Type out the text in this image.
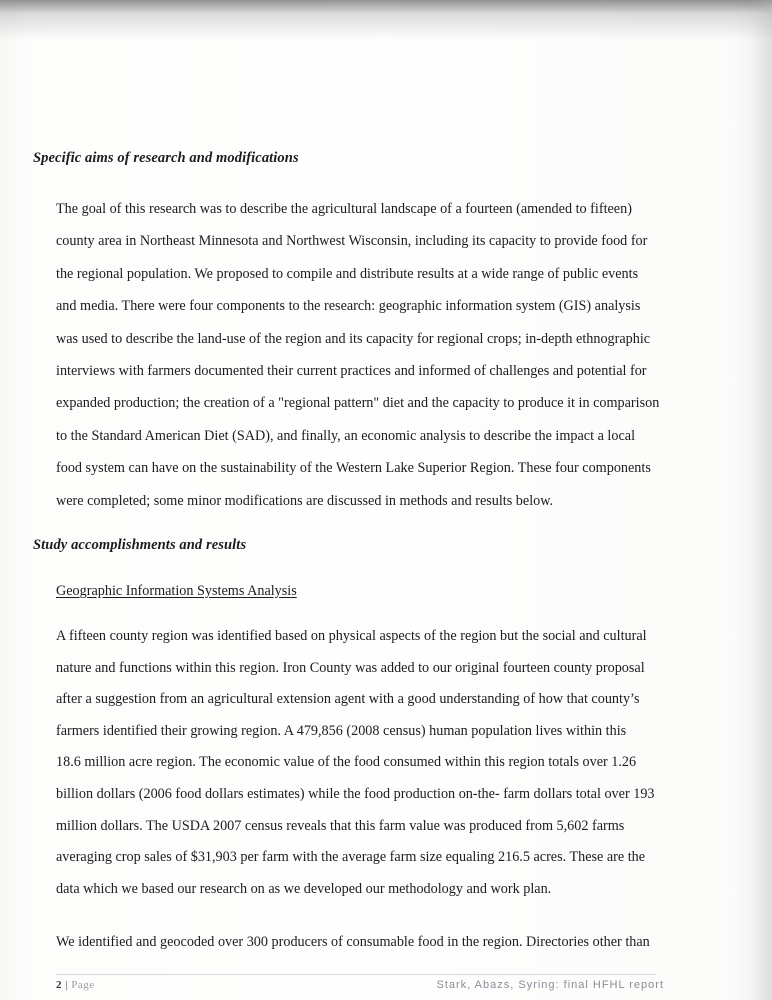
Specific aims of research and modifications
The goal of this research was to describe the agricultural landscape of a fourteen (amended to fifteen)
county area in Northeast Minnesota and Northwest Wisconsin, including its capacity to provide food for
the regional population. We proposed to compile and distribute results at a wide range of public events
and media. There were four components to the research: geographic information system (GIS) analysis
was used to describe the land-use of the region and its capacity for regional crops; in-depth ethnographic
interviews with farmers documented their current practices and informed of challenges and potential for
expanded production; the creation of a "regional pattern" diet and the capacity to produce it in comparison
to the Standard American Diet (SAD), and finally, an economic analysis to describe the impact a local
food system can have on the sustainability of the Western Lake Superior Region. These four components
were completed; some minor modifications are discussed in methods and results below.
Study accomplishments and results
Geographic Information Systems Analysis
A fifteen county region was identified based on physical aspects of the region but the social and cultural
nature and functions within this region. Iron County was added to our original fourteen county proposal
after a suggestion from an agricultural extension agent with a good understanding of how that county’s
farmers identified their growing region. A 479,856 (2008 census) human population lives within this
18.6 million acre region. The economic value of the food consumed within this region totals over 1.26
billion dollars (2006 food dollars estimates) while the food production on-the- farm dollars total over 193
million dollars. The USDA 2007 census reveals that this farm value was produced from 5,602 farms
averaging crop sales of $31,903 per farm with the average farm size equaling 216.5 acres. These are the
data which we based our research on as we developed our methodology and work plan.
We identified and geocoded over 300 producers of consumable food in the region. Directories other than
2 | Page	Stark, Abazs, Syring: final HFHL report
